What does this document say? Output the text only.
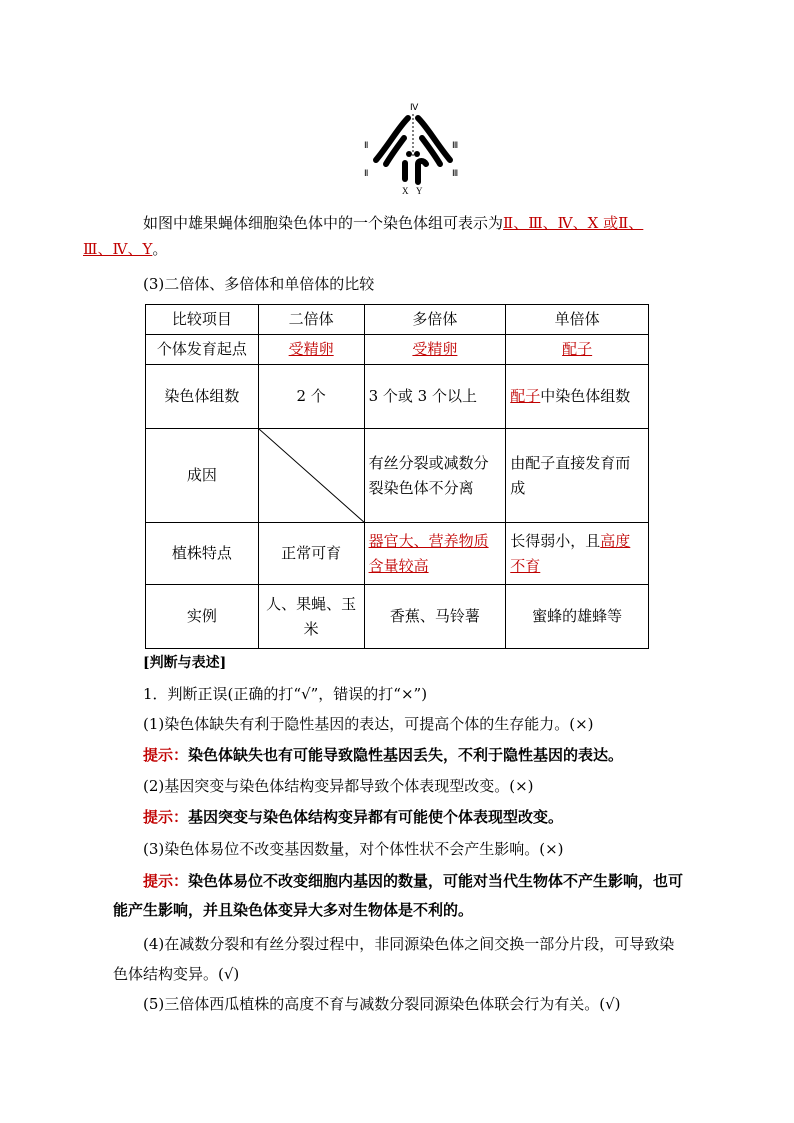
Ⅳ
Ⅱ	Ⅲ
Ⅱ	Ⅲ
X Y
如图中雄果蝇体细胞染色体中的一个染色体组可表示为Ⅱ、Ⅲ、Ⅳ、X 或Ⅱ、
Ⅲ、Ⅳ、Y。
(3)二倍体、多倍体和单倍体的比较
比较项目	二倍体	多倍体	单倍体
个体发育起点	受精卵	受精卵	配子
染色体组数	2 个	3 个或 3 个以上	配子中染色体组数
成因		有丝分裂或减数分裂染色体不分离	由配子直接发育而成
植株特点	正常可育	器官大、营养物质含量较高	长得弱小，且高度不育
实例	人、果蝇、玉米	香蕉、马铃薯	蜜蜂的雄蜂等
[判断与表述]
1．判断正误(正确的打“√”，错误的打“×”)
(1)染色体缺失有利于隐性基因的表达，可提高个体的生存能力。(×)
提示：染色体缺失也有可能导致隐性基因丢失，不利于隐性基因的表达。
(2)基因突变与染色体结构变异都导致个体表现型改变。(×)
提示：基因突变与染色体结构变异都有可能使个体表现型改变。
(3)染色体易位不改变基因数量，对个体性状不会产生影响。(×)
提示：染色体易位不改变细胞内基因的数量，可能对当代生物体不产生影响，也可能产生影响，并且染色体变异大多对生物体是不利的。
(4)在减数分裂和有丝分裂过程中，非同源染色体之间交换一部分片段，可导致染色体结构变异。(√)
(5)三倍体西瓜植株的高度不育与减数分裂同源染色体联会行为有关。(√)
